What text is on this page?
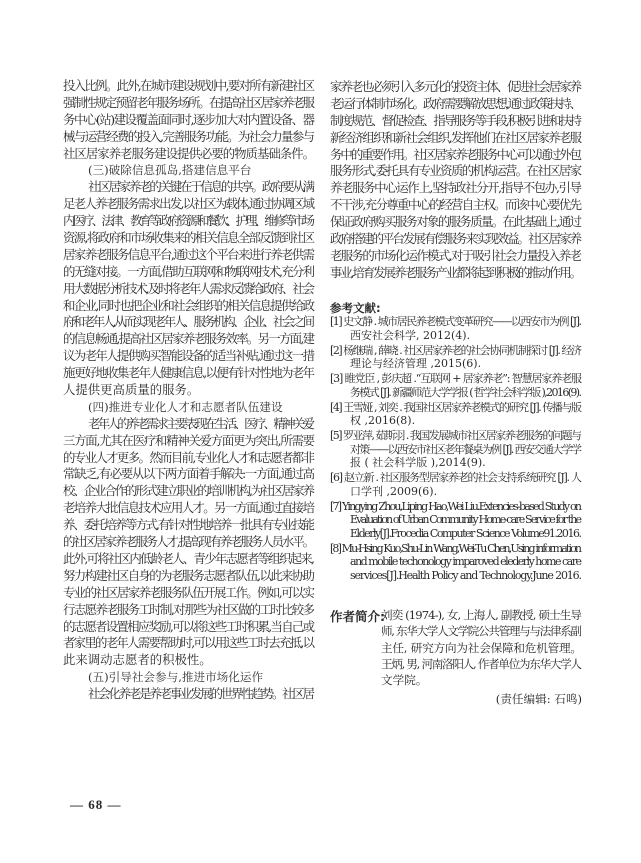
投入比例。此外,在城市建设规划中,要对所有新建社区
强制性规定预留老年服务场所。在提高社区居家养老服
务中心(站)建设覆盖面同时,逐步加大对内置设备、器
械与运营经费的投入,完善服务功能。为社会力量参与
社区居家养老服务建设提供必要的物质基础条件。
(三)破除信息孤岛,搭建信息平台
社区居家养老的关键在于信息的共享。政府要从满
足老人养老服务需求出发,以社区为载体,通过协调区域
内医疗、法律、教育等政府资源和餐饮、护理、维修等市场
资源,将政府和市场收集来的相关信息全部反馈到社区
居家养老服务信息平台,通过这个平台来进行养老供需
的无缝对接。一方面,借助互联网和物联网技术,充分利
用大数据分析技术,及时将老年人需求反馈给政府、社会
和企业,同时也把企业和社会组织的相关信息提供给政
府和老年人,从而实现老年人、服务机构、企业、社会之间
的信息畅通,提高社区居家养老服务效率。另一方面,建
议为老年人提供购买智能设备的适当补贴,通过这一措
施更好地收集老年人健康信息,以便有针对性地为老年
人提供更高质量的服务。
(四)推进专业化人才和志愿者队伍建设
老年人的养老需求主要表现在生活、医疗、精神关爱
三方面,尤其在医疗和精神关爱方面更为突出,所需要
的专业人才更多。然而目前,专业化人才和志愿者都非
常缺乏,有必要从以下两方面着手解决:一方面,通过高
校、企业合作的形式建立职业的培训机构,为社区居家养
老培养大批信息技术应用人才。另一方面,通过直接培
养、委托培养等方式,有针对性地培养一批具有专业技能
的社区居家养老服务人才,提高现有养老服务人员水平。
此外,可将社区内低龄老人、青少年志愿者等组织起来,
努力构建社区自身的为老服务志愿者队伍,以此来协助
专业的社区居家养老服务队伍开展工作。例如,可以实
行志愿养老服务工时制,对那些为社区做的工时比较多
的志愿者设置相应奖励,可以将这些工时积累,当自己或
者家里的老年人需要帮助时,可以用这些工时去充抵,以
此来调动志愿者的积极性。
(五)引导社会参与,推进市场化运作
社会化养老是养老事业发展的世界性趋势。社区居
家养老也必须引入多元化的投资主体、促进社会居家养
老运行体制市场化。政府需要解放思想,通过政策扶持、
制度规范、督促检查、指导服务等手段,积极引进和扶持
新经济组织和新社会组织,发挥他们在社区居家养老服
务中的重要作用。社区居家养老服务中心可以通过外包
服务形式,委托具有专业资质的机构运营。在社区居家
养老服务中心运作上,坚持政社分开,指导不包办,引导
不干涉,充分尊重中心的经营自主权。而该中心要优先
保证政府购买服务对象的服务质量。在此基础上,通过
政府搭建的平台发展有偿服务来实现效益。社区居家养
老服务的市场化运作模式,对于吸引社会力量投入养老
事业,培育发展养老服务产业都将起到积极的推动作用。
参考文献:
[1] 史文静 . 城市居民养老模式变革研究——以西安市为例 [J].
西安社会科学, 2012(4).
[2] 杨继瑞 , 薛晓 . 社区居家养老的社会协同机制探讨 [J]. 经济
理论与经济管理 ,2015(6).
[3] 睢党臣 , 彭庆超 .“互联网 + 居家养老”: 智慧居家养老服
务模式 [J]. 新疆师范大学学报 ( 哲学社会科学版 ),2016(9).
[4] 王雪娅 , 刘奕 . 我国社区居家养老模式的研究 [J]. 传播与版
权 ,2016(8).
[5] 罗亚萍, 茹斯羽 . 我国发展城市社区居家养老服务的问题与
对策——以西安市社区老年餐桌为例 [J]. 西安交通大学学
报 ( 社会科学版 ),2014(9).
[6] 赵立新 . 社区服务型居家养老的社会支持系统研究 [J]. 人
口学刊 ,2009(6).
[7] Yingying Zhou,Liping Hao,Wei Liu.Extencies-based Study on
Evaluation of Urban Community Home-care Service for the
Elderly[J].Frocedia Computer Science Volume91.2016.
[8] Mu-Hsing Kuo,Shu-Lin Wang,Wei-Tu Chen,Using information
and mobile techonology imparoved elederly home care
services[J].Health Policy and Technology.June 2016.
作者简介:
刘奕 (1974-), 女, 上海人, 副教授, 硕士生导
师, 东华大学人文学院公共管理与与法律系副
主任, 研究方向为社会保障和危机管理。
王炳, 男, 河南洛阳人, 作者单位为东华大学人
文学院。
(责任编辑: 石鸣)
— 68 —
